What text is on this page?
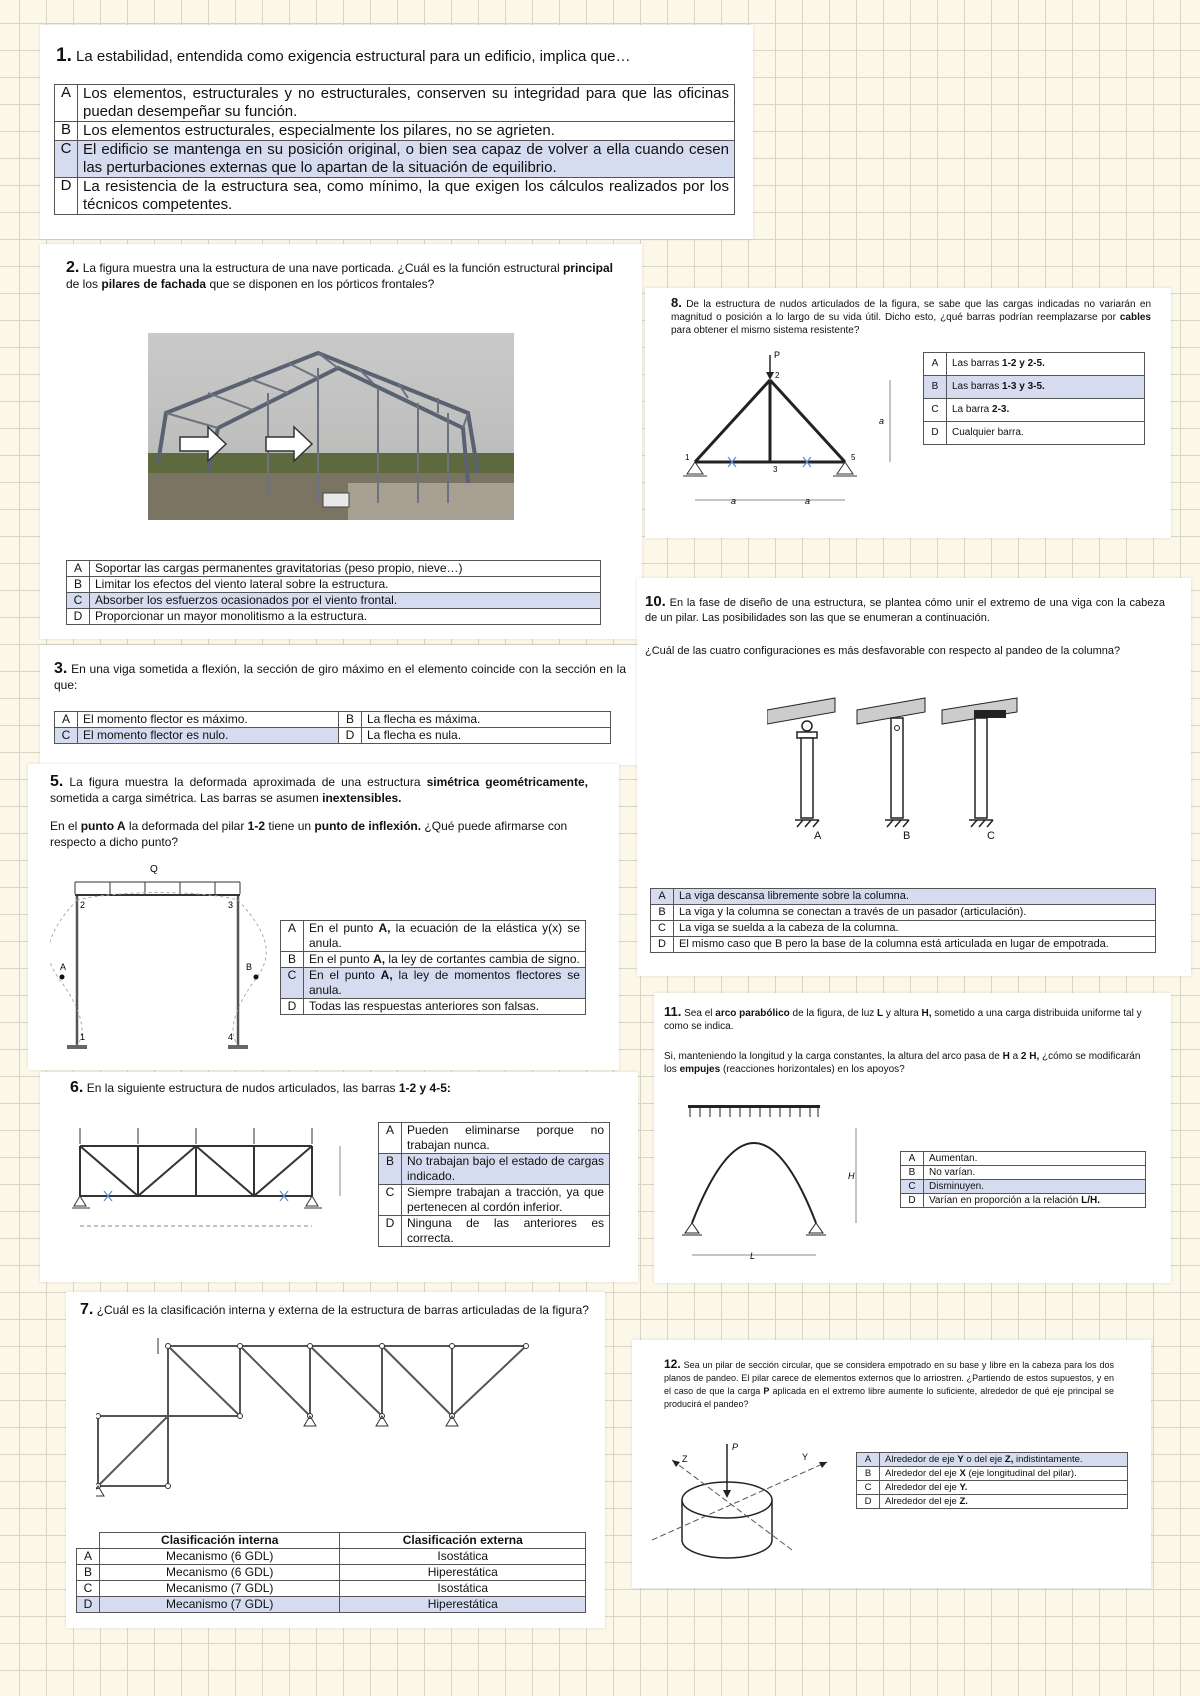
1. La estabilidad, entendida como exigencia estructural para un edificio, implica que…
A	Los elementos, estructurales y no estructurales, conserven su integridad para que las oficinas puedan desempeñar su función.
B	Los elementos estructurales, especialmente los pilares, no se agrieten.
C	El edificio se mantenga en su posición original, o bien sea capaz de volver a ella cuando cesen las perturbaciones externas que lo apartan de la situación de equilibrio.
D	La resistencia de la estructura sea, como mínimo, la que exigen los cálculos realizados por los técnicos competentes.
2. La figura muestra una la estructura de una nave porticada. ¿Cuál es la función estructural principal de los pilares de fachada que se disponen en los pórticos frontales?
A	Soportar las cargas permanentes gravitatorias (peso propio, nieve…)
B	Limitar los efectos del viento lateral sobre la estructura.
C	Absorber los esfuerzos ocasionados por el viento frontal.
D	Proporcionar un mayor monolitismo a la estructura.
3. En una viga sometida a flexión, la sección de giro máximo en el elemento coincide con la sección en la que:
A	El momento flector es máximo.	B	La flecha es máxima.
C	El momento flector es nulo.	D	La flecha es nula.
5. La figura muestra la deformada aproximada de una estructura simétrica geométricamente, sometida a carga simétrica. Las barras se asumen inextensibles.
En el punto A la deformada del pilar 1-2 tiene un punto de inflexión. ¿Qué puede afirmarse con respecto a dicho punto?
Q
2	3
1	4
A	B
A	En el punto A, la ecuación de la elástica y(x) se anula.
B	En el punto A, la ley de cortantes cambia de signo.
C	En el punto A, la ley de momentos flectores se anula.
D	Todas las respuestas anteriores son falsas.
6. En la siguiente estructura de nudos articulados, las barras 1-2 y 4-5:
A	Pueden eliminarse porque no trabajan nunca.
B	No trabajan bajo el estado de cargas indicado.
C	Siempre trabajan a tracción, ya que pertenecen al cordón inferior.
D	Ninguna de las anteriores es correcta.
7. ¿Cuál es la clasificación interna y externa de la estructura de barras articuladas de la figura?
	Clasificación interna	Clasificación externa
A	Mecanismo (6 GDL)	Isostática
B	Mecanismo (6 GDL)	Hiperestática
C	Mecanismo (7 GDL)	Isostática
D	Mecanismo (7 GDL)	Hiperestática
8. De la estructura de nudos articulados de la figura, se sabe que las cargas indicadas no variarán en magnitud o posición a lo largo de su vida útil. Dicho esto, ¿qué barras podrían reemplazarse por cables para obtener el mismo sistema resistente?
P
2
1
3
5
a
a	a
A	Las barras 1-2 y 2-5.
B	Las barras 1-3 y 3-5.
C	La barra 2-3.
D	Cualquier barra.
10. En la fase de diseño de una estructura, se plantea cómo unir el extremo de una viga con la cabeza de un pilar. Las posibilidades son las que se enumeran a continuación.
¿Cuál de las cuatro configuraciones es más desfavorable con respecto al pandeo de la columna?
A	B	C
A	La viga descansa libremente sobre la columna.
B	La viga y la columna se conectan a través de un pasador (articulación).
C	La viga se suelda a la cabeza de la columna.
D	El mismo caso que B pero la base de la columna está articulada en lugar de empotrada.
11. Sea el arco parabólico de la figura, de luz L y altura H, sometido a una carga distribuida uniforme tal y como se indica.
Si, manteniendo la longitud y la carga constantes, la altura del arco pasa de H a 2 H, ¿cómo se modificarán los empujes (reacciones horizontales) en los apoyos?
H
L
A	Aumentan.
B	No varían.
C	Disminuyen.
D	Varían en proporción a la relación L/H.
12. Sea un pilar de sección circular, que se considera empotrado en su base y libre en la cabeza para los dos planos de pandeo. El pilar carece de elementos externos que lo arriostren. ¿Partiendo de estos supuestos, y en el caso de que la carga P aplicada en el extremo libre aumente lo suficiente, alrededor de qué eje principal se producirá el pandeo?
P
Z	Y	A	Alrededor de eje Y o del eje Z, indistintamente.
B	Alrededor del eje X (eje longitudinal del pilar).
C	Alrededor del eje Y.
D	Alrededor del eje Z.
